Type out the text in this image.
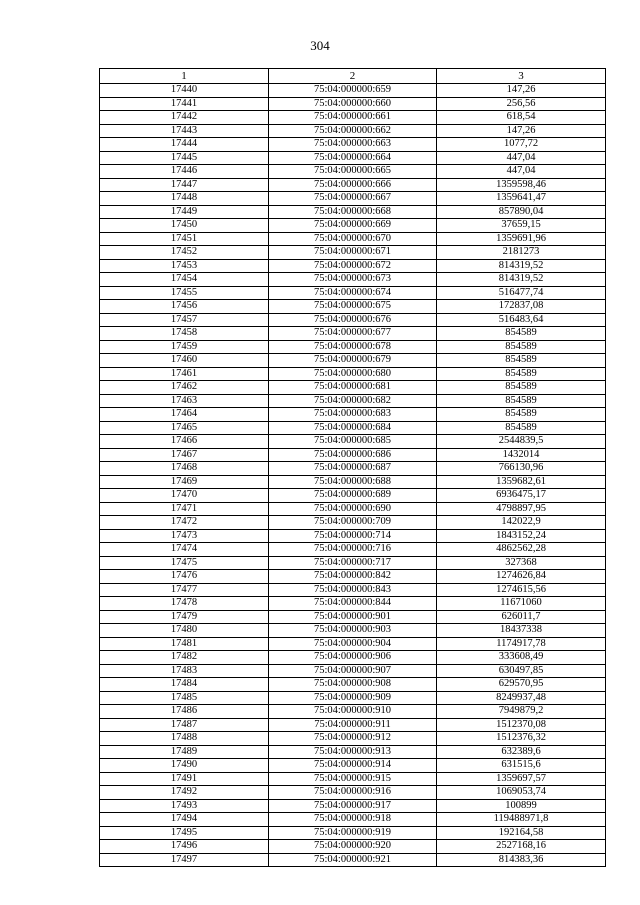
304
1	2	3
17440	75:04:000000:659	147,26
17441	75:04:000000:660	256,56
17442	75:04:000000:661	618,54
17443	75:04:000000:662	147,26
17444	75:04:000000:663	1077,72
17445	75:04:000000:664	447,04
17446	75:04:000000:665	447,04
17447	75:04:000000:666	1359598,46
17448	75:04:000000:667	1359641,47
17449	75:04:000000:668	857890,04
17450	75:04:000000:669	37659,15
17451	75:04:000000:670	1359691,96
17452	75:04:000000:671	2181273
17453	75:04:000000:672	814319,52
17454	75:04:000000:673	814319,52
17455	75:04:000000:674	516477,74
17456	75:04:000000:675	172837,08
17457	75:04:000000:676	516483,64
17458	75:04:000000:677	854589
17459	75:04:000000:678	854589
17460	75:04:000000:679	854589
17461	75:04:000000:680	854589
17462	75:04:000000:681	854589
17463	75:04:000000:682	854589
17464	75:04:000000:683	854589
17465	75:04:000000:684	854589
17466	75:04:000000:685	2544839,5
17467	75:04:000000:686	1432014
17468	75:04:000000:687	766130,96
17469	75:04:000000:688	1359682,61
17470	75:04:000000:689	6936475,17
17471	75:04:000000:690	4798897,95
17472	75:04:000000:709	142022,9
17473	75:04:000000:714	1843152,24
17474	75:04:000000:716	4862562,28
17475	75:04:000000:717	327368
17476	75:04:000000:842	1274626,84
17477	75:04:000000:843	1274615,56
17478	75:04:000000:844	11671060
17479	75:04:000000:901	626011,7
17480	75:04:000000:903	18437338
17481	75:04:000000:904	1174917,78
17482	75:04:000000:906	333608,49
17483	75:04:000000:907	630497,85
17484	75:04:000000:908	629570,95
17485	75:04:000000:909	8249937,48
17486	75:04:000000:910	7949879,2
17487	75:04:000000:911	1512370,08
17488	75:04:000000:912	1512376,32
17489	75:04:000000:913	632389,6
17490	75:04:000000:914	631515,6
17491	75:04:000000:915	1359697,57
17492	75:04:000000:916	1069053,74
17493	75:04:000000:917	100899
17494	75:04:000000:918	119488971,8
17495	75:04:000000:919	192164,58
17496	75:04:000000:920	2527168,16
17497	75:04:000000:921	814383,36
